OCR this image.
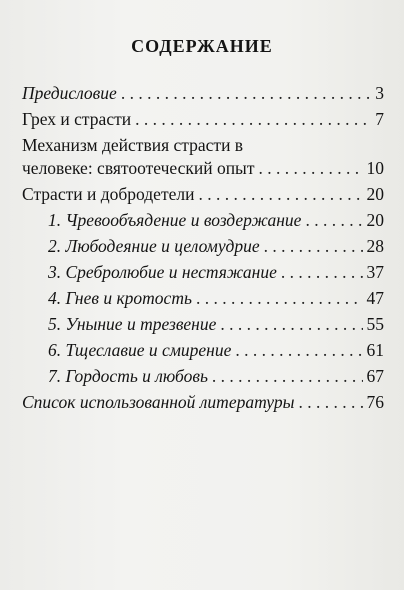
СОДЕРЖАНИЕ
Предисловие . . .	3
Грех и страсти . . .	7
Механизм действия страсти в
человеке: святоотеческий опыт . . .	10
Страсти и добродетели . . .	20
1. Чревообъядение и воздержание . . .	20
2. Любодеяние и целомудрие . . .	28
3. Сребролюбие и нестяжание . . .	37
4. Гнев и кротость . . .	47
5. Уныние и трезвение . . .	55
6. Тщеславие и смирение . . .	61
7. Гордость и любовь . . .	67
Список использованной литературы . . .	76
